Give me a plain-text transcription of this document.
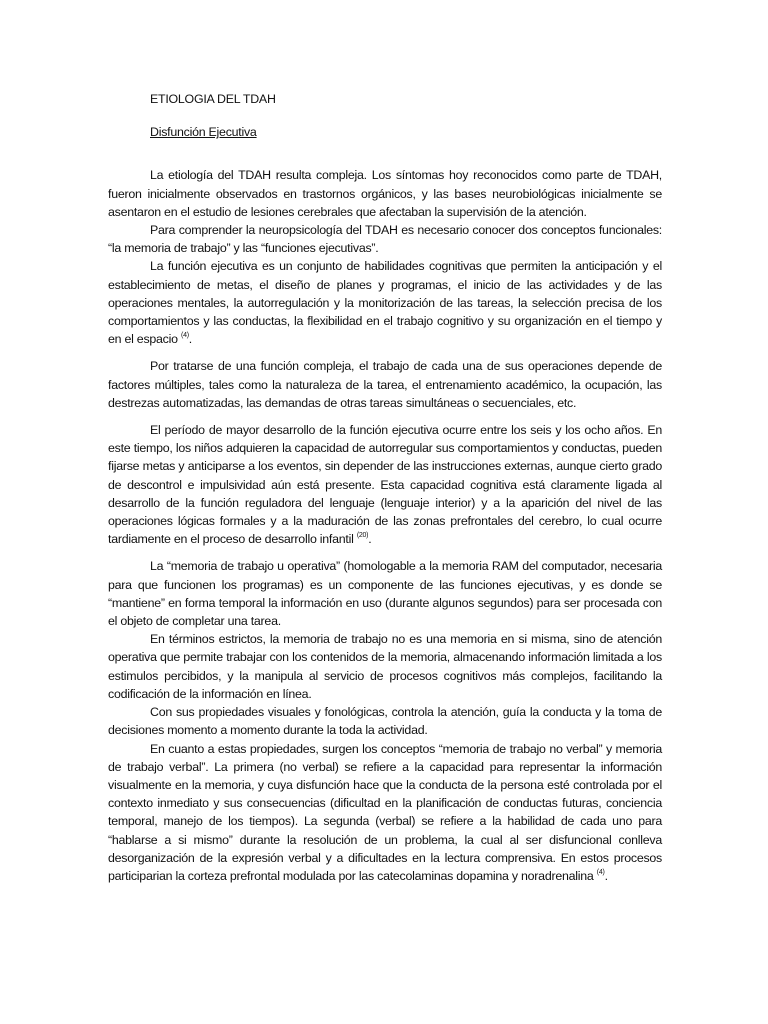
ETIOLOGIA DEL TDAH
Disfunción Ejecutiva

La etiología del TDAH resulta compleja. Los síntomas hoy reconocidos como parte de TDAH, fueron inicialmente observados en trastornos orgánicos, y las bases neurobiológicas inicialmente se asentaron en el estudio de lesiones cerebrales que afectaban la supervisión de la atención.

Para comprender la neuropsicología del TDAH es necesario conocer dos conceptos funcionales: “la memoria de trabajo” y las “funciones ejecutivas”.

La función ejecutiva es un conjunto de habilidades cognitivas que permiten la anticipación y el establecimiento de metas, el diseño de planes y programas, el inicio de las actividades y de las operaciones mentales, la autorregulación y la monitorización de las tareas, la selección precisa de los comportamientos y las conductas, la flexibilidad en el trabajo cognitivo y su organización en el tiempo y en el espacio $^{(4)}$.

Por tratarse de una función compleja, el trabajo de cada una de sus operaciones depende de factores múltiples, tales como la naturaleza de la tarea, el entrenamiento académico, la ocupación, las destrezas automatizadas, las demandas de otras tareas simultáneas o secuenciales, etc.

El período de mayor desarrollo de la función ejecutiva ocurre entre los seis y los ocho años. En este tiempo, los niños adquieren la capacidad de autorregular sus comportamientos y conductas, pueden fijarse metas y anticiparse a los eventos, sin depender de las instrucciones externas, aunque cierto grado de descontrol e impulsividad aún está presente. Esta capacidad cognitiva está claramente ligada al desarrollo de la función reguladora del lenguaje (lenguaje interior) y a la aparición del nivel de las operaciones lógicas formales y a la maduración de las zonas prefrontales del cerebro, lo cual ocurre tardiamente en el proceso de desarrollo infantil $^{(20)}$.

La “memoria de trabajo u operativa” (homologable a la memoria RAM del computador, necesaria para que funcionen los programas) es un componente de las funciones ejecutivas, y es donde se “mantiene” en forma temporal la información en uso (durante algunos segundos) para ser procesada con el objeto de completar una tarea.

En términos estrictos, la memoria de trabajo no es una memoria en si misma, sino de atención operativa que permite trabajar con los contenidos de la memoria, almacenando información limitada a los estimulos percibidos, y la manipula al servicio de procesos cognitivos más complejos, facilitando la codificación de la información en línea.

Con sus propiedades visuales y fonológicas, controla la atención, guía la conducta y la toma de decisiones momento a momento durante la toda la actividad.

En cuanto a estas propiedades, surgen los conceptos “memoria de trabajo no verbal” y memoria de trabajo verbal”. La primera (no verbal) se refiere a la capacidad para representar la información visualmente en la memoria, y cuya disfunción hace que la conducta de la persona esté controlada por el contexto inmediato y sus consecuencias (dificultad en la planificación de conductas futuras, conciencia temporal, manejo de los tiempos). La segunda (verbal) se refiere a la habilidad de cada uno para “hablarse a si mismo” durante la resolución de un problema, la cual al ser disfuncional conlleva desorganización de la expresión verbal y a dificultades en la lectura comprensiva. En estos procesos participarian la corteza prefrontal modulada por las catecolaminas dopamina y noradrenalina $^{(4)}$.
